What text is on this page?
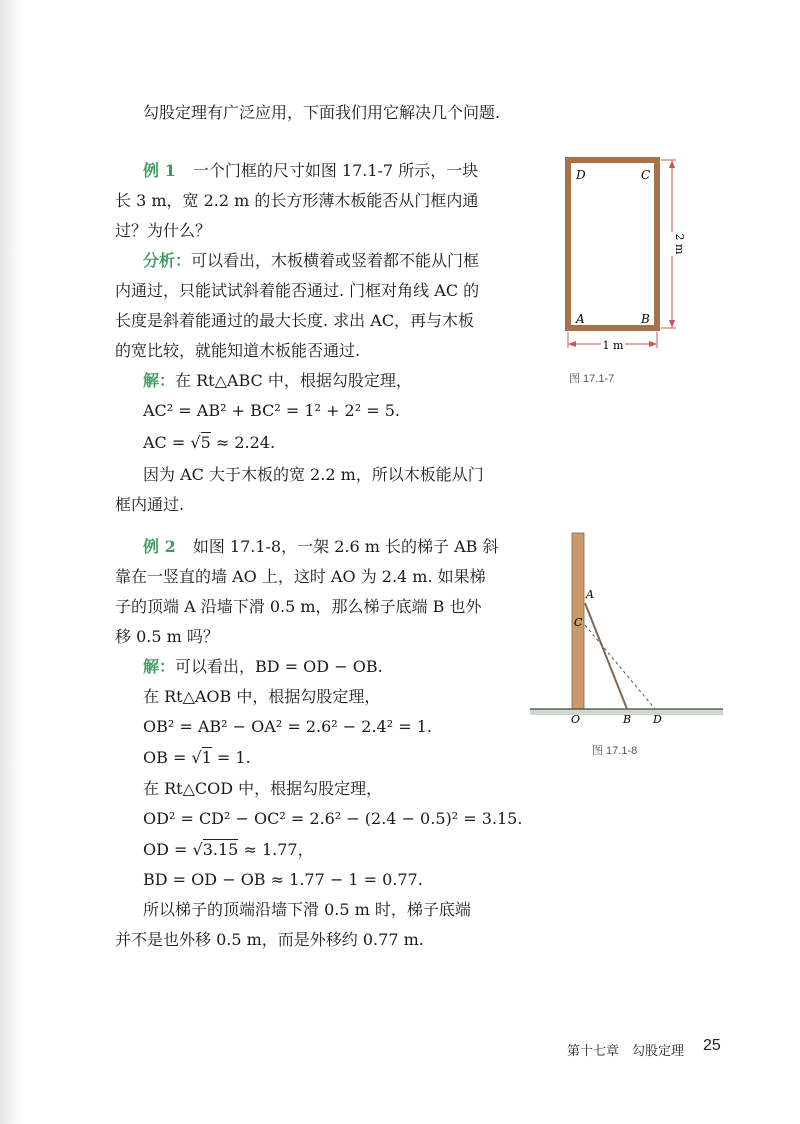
勾股定理有广泛应用，下面我们用它解决几个问题.
例 1 一个门框的尺寸如图 17.1-7 所示，一块
长 3 m，宽 2.2 m 的长方形薄木板能否从门框内通
过？为什么？
分析：可以看出，木板横着或竖着都不能从门框
内通过，只能试试斜着能否通过. 门框对角线 AC 的
长度是斜着能通过的最大长度. 求出 AC，再与木板
的宽比较，就能知道木板能否通过.
解：在 Rt△ABC 中，根据勾股定理，
AC² = AB² + BC² = 1² + 2² = 5.
AC = √5 ≈ 2.24.
因为 AC 大于木板的宽 2.2 m，所以木板能从门
框内通过.
1 m
2 m
D	C
A	B
图 17.1-7
例 2 如图 17.1-8，一架 2.6 m 长的梯子 AB 斜
靠在一竖直的墙 AO 上，这时 AO 为 2.4 m. 如果梯
子的顶端 A 沿墙下滑 0.5 m，那么梯子底端 B 也外
移 0.5 m 吗？
解：可以看出，BD = OD − OB.
在 Rt△AOB 中，根据勾股定理，
OB² = AB² − OA² = 2.6² − 2.4² = 1.
OB = √1 = 1.
在 Rt△COD 中，根据勾股定理，
OD² = CD² − OC² = 2.6² − (2.4 − 0.5)² = 3.15.
OD = √3.15 ≈ 1.77，
BD = OD − OB ≈ 1.77 − 1 = 0.77.
所以梯子的顶端沿墙下滑 0.5 m 时，梯子底端
并不是也外移 0.5 m，而是外移约 0.77 m.
A
C
O	B D
图 17.1-8
第十七章　勾股定理 25
